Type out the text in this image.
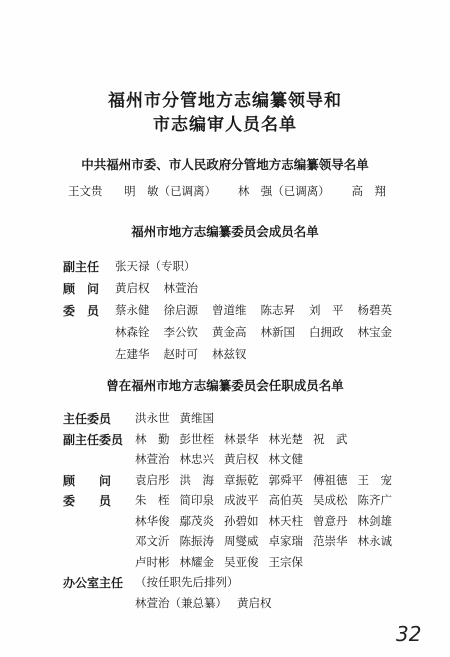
福州市分管地方志编纂领导和
市志编审人员名单
中共福州市委、市人民政府分管地方志编纂领导名单
王文贵 明　敏（已调离） 林　强（已调离） 高　翔
福州市地方志编纂委员会成员名单
副主任	张天禄（专职）
顾　问	黄启权 林萱治
委　员	蔡永健 徐启源 曾道维 陈志昇 刘　平 杨碧英
林森铨 李公钦 黄金高 林新国 白拥政 林宝金
左建华 赵时可 林兹钗
曾在福州市地方志编纂委员会任职成员名单
主任委员	洪永世 黄维国
副主任委员	林　勤 彭世桎 林景华 林光楚 祝　武
林萱治 林忠兴 黄启权 林文健
顾　　问	袁启彤 洪　海 章振乾 郭舜平 傅祖德 王　宠
委　　员	朱　桎 简印泉 成波平 高伯英 吴成松 陈齐广
林华俊 鄢茂炎 孙碧如 林天柱 曾意丹 林剑雄
邓文沂 陈振涛 周燮威 卓家瑞 范崇华 林永诚
卢时彬 林耀金 吴亚俊 王宗保
办公室主任	（按任职先后排列）
林萱治（兼总纂） 黄启权
32
